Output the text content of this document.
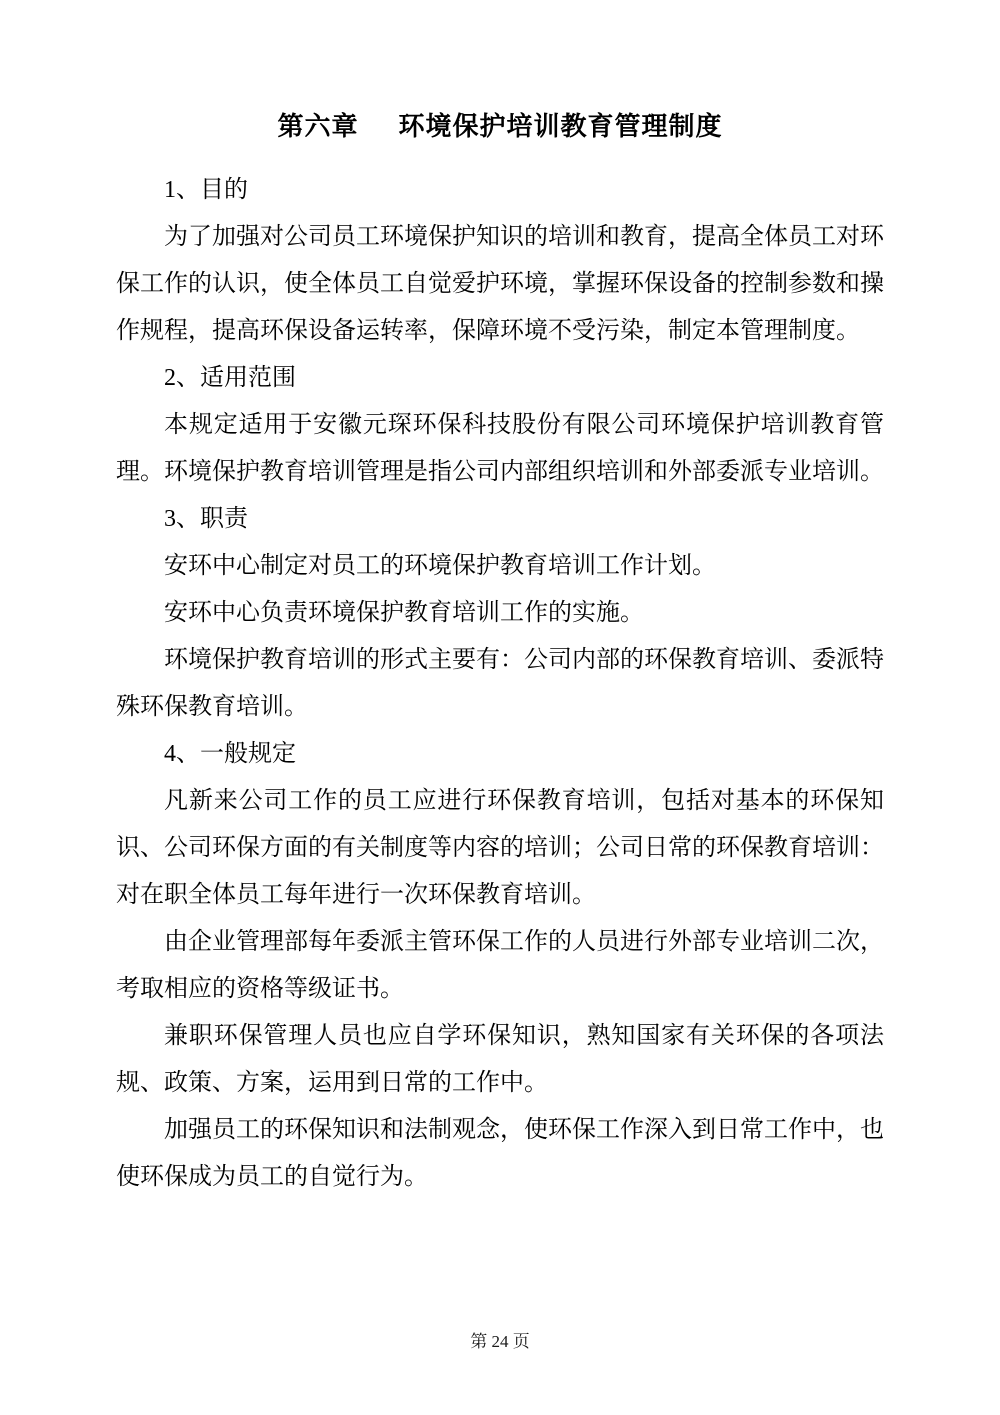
第六章 环境保护培训教育管理制度

1、目的

为了加强对公司员工环境保护知识的培训和教育，提高全体员工对环保工作的认识，使全体员工自觉爱护环境，掌握环保设备的控制参数和操作规程，提高环保设备运转率，保障环境不受污染，制定本管理制度。

2、适用范围

本规定适用于安徽元琛环保科技股份有限公司环境保护培训教育管理。环境保护教育培训管理是指公司内部组织培训和外部委派专业培训。

3、职责

安环中心制定对员工的环境保护教育培训工作计划。

安环中心负责环境保护教育培训工作的实施。

环境保护教育培训的形式主要有：公司内部的环保教育培训、委派特殊环保教育培训。

4、一般规定

凡新来公司工作的员工应进行环保教育培训，包括对基本的环保知识、公司环保方面的有关制度等内容的培训；公司日常的环保教育培训：对在职全体员工每年进行一次环保教育培训。

由企业管理部每年委派主管环保工作的人员进行外部专业培训二次，考取相应的资格等级证书。

兼职环保管理人员也应自学环保知识，熟知国家有关环保的各项法规、政策、方案，运用到日常的工作中。

加强员工的环保知识和法制观念，使环保工作深入到日常工作中，也使环保成为员工的自觉行为。

第 24 页
